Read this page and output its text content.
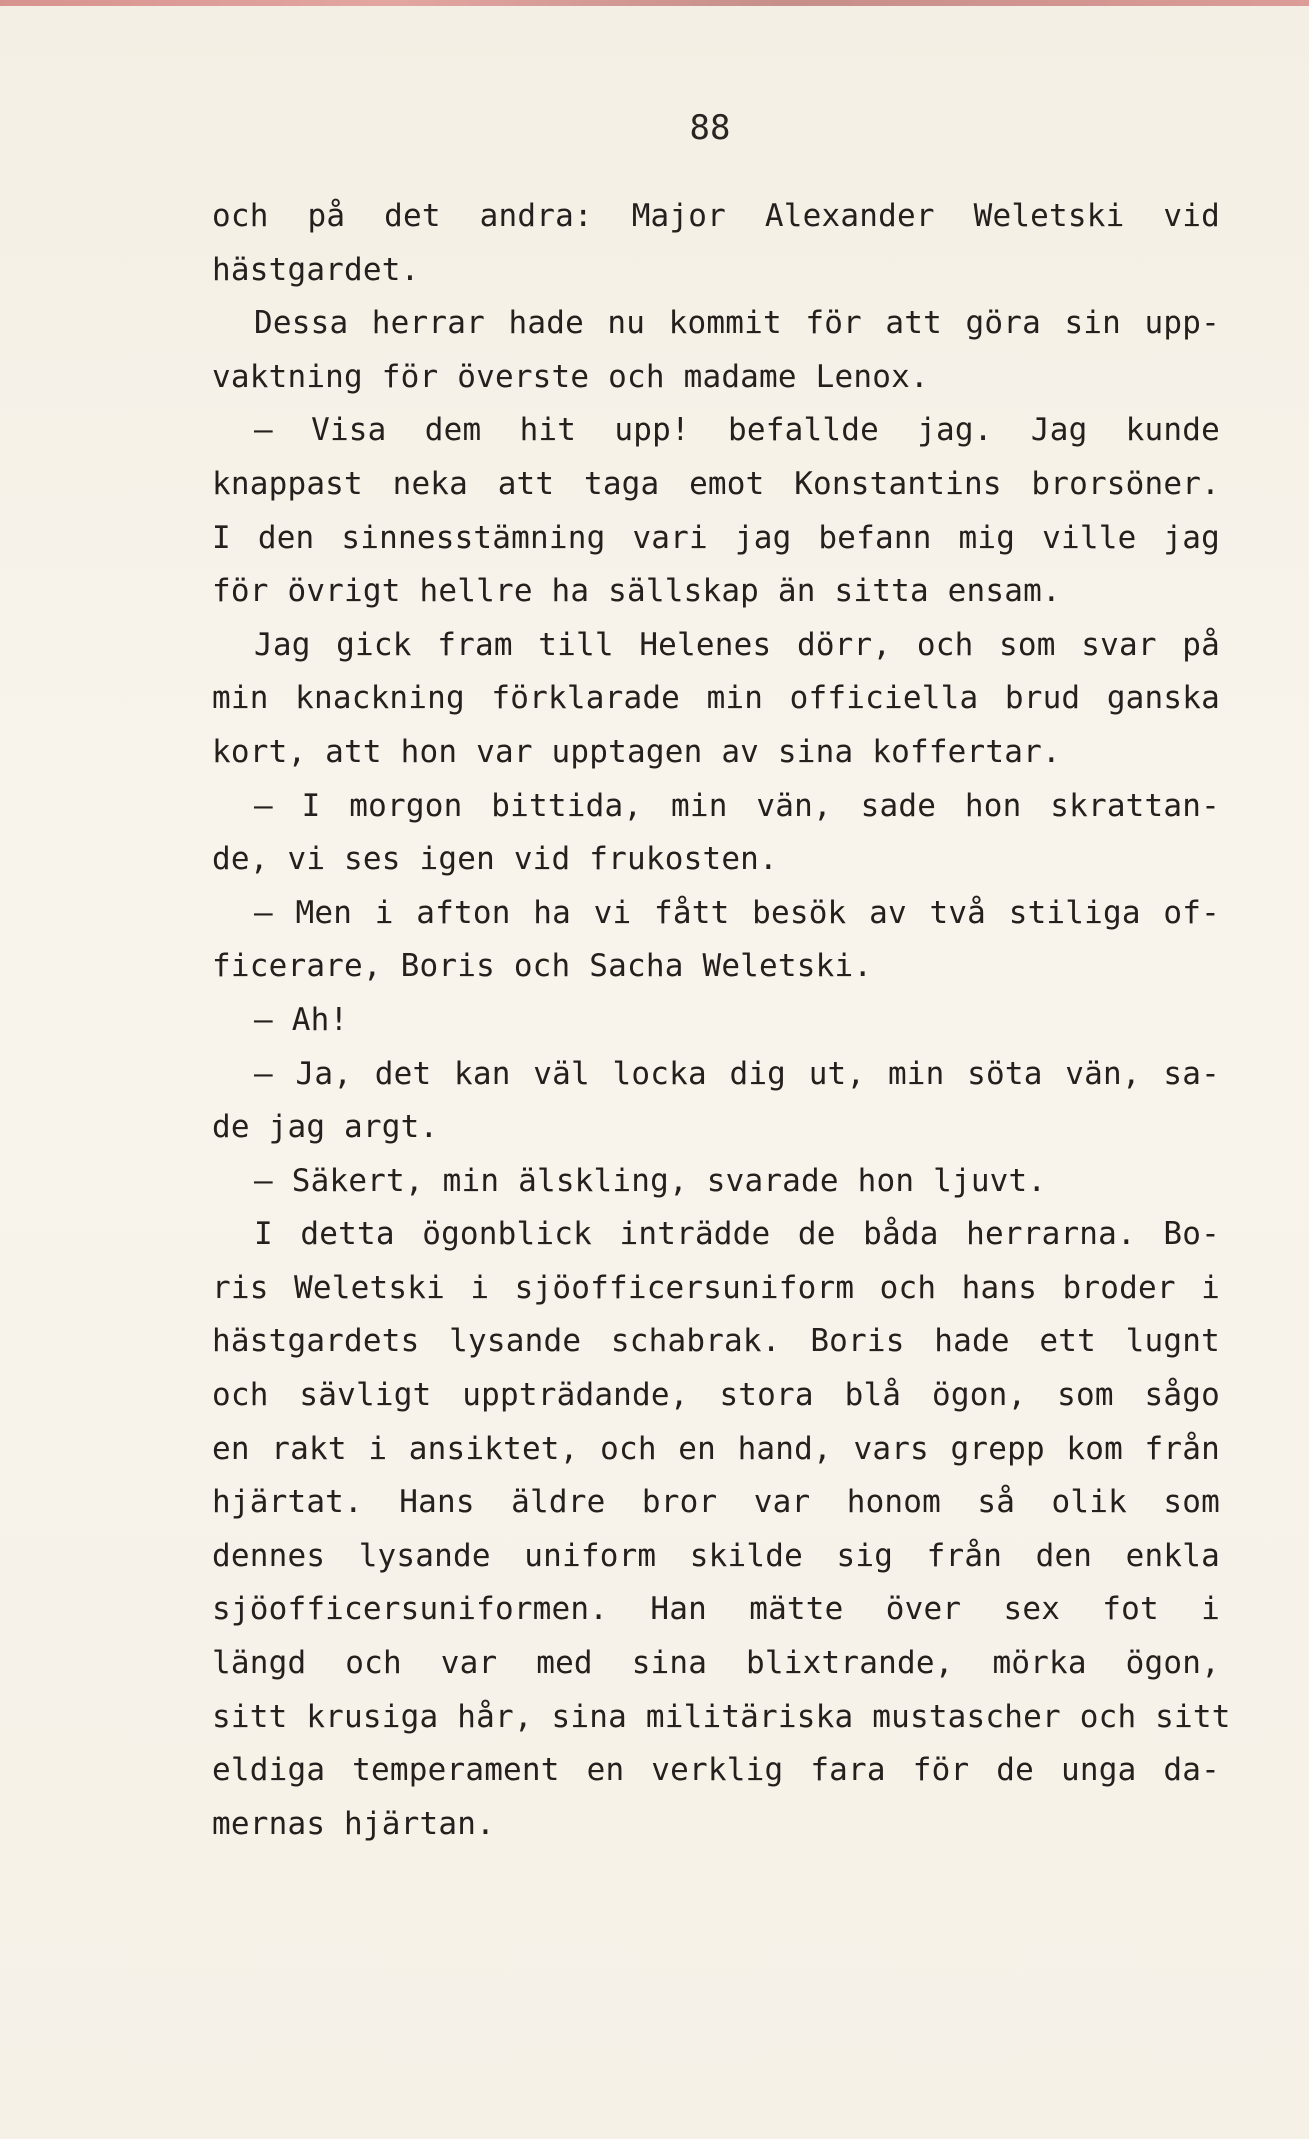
88
och på det andra: Major Alexander Weletski vid
hästgardet.
Dessa herrar hade nu kommit för att göra sin upp-
vaktning för överste och madame Lenox.
— Visa dem hit upp! befallde jag. Jag kunde
knappast neka att taga emot Konstantins brorsöner.
I den sinnesstämning vari jag befann mig ville jag
för övrigt hellre ha sällskap än sitta ensam.
Jag gick fram till Helenes dörr, och som svar på
min knackning förklarade min officiella brud ganska
kort, att hon var upptagen av sina koffertar.
— I morgon bittida, min vän, sade hon skrattan-
de, vi ses igen vid frukosten.
— Men i afton ha vi fått besök av två stiliga of-
ficerare, Boris och Sacha Weletski.
— Ah!
— Ja, det kan väl locka dig ut, min söta vän, sa-
de jag argt.
— Säkert, min älskling, svarade hon ljuvt.
I detta ögonblick inträdde de båda herrarna. Bo-
ris Weletski i sjöofficersuniform och hans broder i
hästgardets lysande schabrak. Boris hade ett lugnt
och sävligt uppträdande, stora blå ögon, som sågo
en rakt i ansiktet, och en hand, vars grepp kom från
hjärtat. Hans äldre bror var honom så olik som
dennes lysande uniform skilde sig från den enkla
sjöofficersuniformen. Han mätte över sex fot i
längd och var med sina blixtrande, mörka ögon,
sitt krusiga hår, sina militäriska mustascher och sitt
eldiga temperament en verklig fara för de unga da-
mernas hjärtan.
